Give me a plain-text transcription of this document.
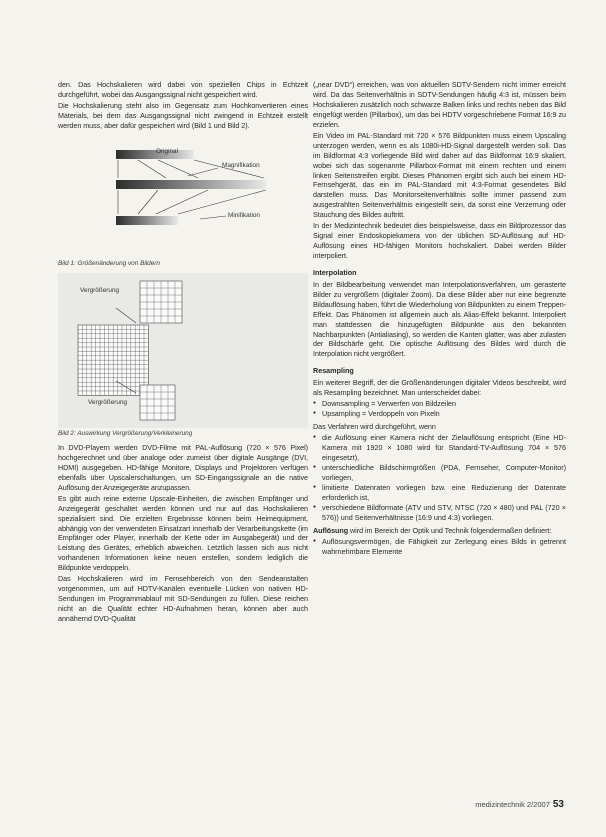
den. Das Hochskalieren wird dabei von speziellen Chips in Echtzeit durchgeführt, wobei das Ausgangssignal nicht gespeichert wird.

Die Hochskalierung steht also im Gegensatz zum Hochkonvertieren eines Materials, bei dem das Ausgangssignal nicht zwingend in Echtzeit erstellt werden muss, aber dafür gespeichert wird (Bild 1 und Bild 2).

Original
Magnifikation
Minifikation
Bild 1: Größenänderung von Bildern
Vergrößerung
Vergrößerung
Bild 2: Auswirkung Vergrößerung/Verkleinerung

In DVD-Playern werden DVD-Filme mit PAL-Auflösung (720 × 576 Pixel) hochgerechnet und über analoge oder zumeist über digitale Ausgänge (DVI, HDMI) ausgegeben. HD-fähige Monitore, Displays und Projektoren verfügen ebenfalls über Upscalerschaltungen, um SD-Eingangssignale an die native Auflösung der Anzeigegeräte anzupassen.

Es gibt auch reine externe Upscale-Einheiten, die zwischen Empfänger und Anzeigegerät geschaltet werden können und nur auf das Hochskalieren spezialisiert sind. Die erzielten Ergebnisse können beim Heimequipment, abhängig von der verwendeten Einsatzart innerhalb der Verarbeitungskette (im Empfänger oder Player, innerhalb der Kette oder im Ausgabegerät) und der Leistung des Gerätes, erheblich abweichen. Letztlich lassen sich aus nicht vorhandenen Informationen keine neuen erstellen, sondern lediglich die Bildpunkte verdoppeln.

Das Hochskalieren wird im Fernsehbereich von den Sendeanstalten vorgenommen, um auf HDTV-Kanälen eventuelle Lücken von nativen HD-Sendungen im Programmablauf mit SD-Sendungen zu füllen. Diese reichen nicht an die Qualität echter HD-Aufnahmen heran, können aber auch annähernd DVD-Qualität

(„near DVD“) erreichen, was von aktuellen SDTV-Sendern nicht immer erreicht wird. Da das Seitenverhältnis in SDTV-Sendungen häufig 4:3 ist, müssen beim Hochskalieren zusätzlich noch schwarze Balken links und rechts neben das Bild eingefügt werden (Pillarbox), um das bei HDTV vorgeschriebene Format 16:9 zu erzielen.

Ein Video im PAL-Standard mit 720 × 576 Bildpunkten muss einem Upscaling unterzogen werden, wenn es als 1080i-HD-Signal dargestellt werden soll. Das im Bildformat 4:3 vorliegende Bild wird daher auf das Bildformat 16:9 skaliert, wobei sich das sogenannte Pillarbox-Format mit einem rechten und einem linken Seitenstreifen ergibt. Dieses Phänomen ergibt sich auch bei einem HD-Fernsehgerät, das ein im PAL-Standard mit 4:3-Format gesendetes Bild darstellen muss. Das Monitorseitenverhältnis sollte immer passend zum ausgestrahlten Seitenverhältnis eingestellt sein, da sonst eine Verzerrung oder Stauchung des Bildes auftritt.

In der Medizintechnik bedeutet dies beispielsweise, dass ein Bildprozessor das Signal einer Endoskopiekamera von der üblichen SD-Auflösung auf HD-Auflösung eines HD-fähigen Monitors hochskaliert. Dabei werden Bilder interpoliert.

Interpolation

In der Bildbearbeitung verwendet man Interpolationsverfahren, um gerasterte Bilder zu vergrößern (digitaler Zoom). Da diese Bilder aber nur eine begrenzte Bildauflösung haben, führt die Wiederholung von Bildpunkten zu einem Treppen-Effekt. Das Phänomen ist allgemein auch als Alias-Effekt bekannt. Interpoliert man stattdessen die hinzugefügten Bildpunkte aus den bekannten Nachbarpunkten (Antialiasing), so werden die Kanten glatter, was aber zulasten der Bildschärfe geht. Die optische Auflösung des Bildes wird durch die Interpolation nicht vergrößert.

Resampling

Ein weiterer Begriff, der die Größenänderungen digitaler Videos beschreibt, wird als Resampling bezeichnet. Man unterscheidet dabei:

● Downsampling = Verwerfen von Bildzeilen
● Upsampling = Verdoppeln von Pixeln

Das Verfahren wird durchgeführt, wenn

● die Auflösung einer Kamera nicht der Zielauflösung entspricht (Eine HD-Kamera mit 1920 × 1080 wird für Standard-TV-Auflösung 704 × 576 eingesetzt),
● unterschiedliche Bildschirmgrößen (PDA, Fernseher, Computer-Monitor) vorliegen,
● limitierte Datenraten vorliegen bzw. eine Reduzierung der Datenrate erforderlich ist,
● verschiedene Bildformate (ATV und STV, NTSC (720 × 480) und PAL (720 × 576)) und Seitenverhältnisse (16:9 und 4:3) vorliegen.

Auflösung wird im Bereich der Optik und Technik folgendermaßen definiert:

● Auflösungsvermögen, die Fähigkeit zur Zerlegung eines Bilds in getrennt wahrnehmbare Elemente
medizintechnik 2/2007 53
